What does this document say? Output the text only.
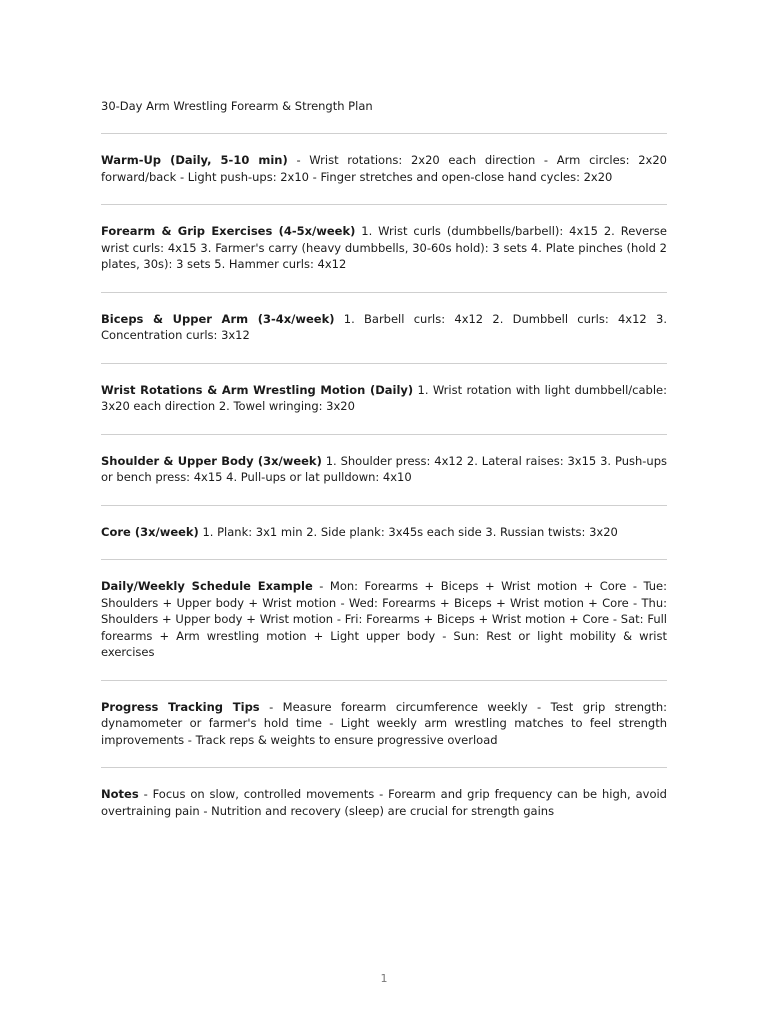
30-Day Arm Wrestling Forearm & Strength Plan

Warm-Up (Daily, 5-10 min) - Wrist rotations: 2x20 each direction - Arm circles: 2x20 forward/back - Light push-ups: 2x10 - Finger stretches and open-close hand cycles: 2x20

Forearm & Grip Exercises (4-5x/week) 1. Wrist curls (dumbbells/barbell): 4x15 2. Reverse wrist curls: 4x15 3. Farmer's carry (heavy dumbbells, 30-60s hold): 3 sets 4. Plate pinches (hold 2 plates, 30s): 3 sets 5. Hammer curls: 4x12

Biceps & Upper Arm (3-4x/week) 1. Barbell curls: 4x12 2. Dumbbell curls: 4x12 3. Concentration curls: 3x12

Wrist Rotations & Arm Wrestling Motion (Daily) 1. Wrist rotation with light dumbbell/cable: 3x20 each direction 2. Towel wringing: 3x20

Shoulder & Upper Body (3x/week) 1. Shoulder press: 4x12 2. Lateral raises: 3x15 3. Push-ups or bench press: 4x15 4. Pull-ups or lat pulldown: 4x10

Core (3x/week) 1. Plank: 3x1 min 2. Side plank: 3x45s each side 3. Russian twists: 3x20

Daily/Weekly Schedule Example - Mon: Forearms + Biceps + Wrist motion + Core - Tue: Shoulders + Upper body + Wrist motion - Wed: Forearms + Biceps + Wrist motion + Core - Thu: Shoulders + Upper body + Wrist motion - Fri: Forearms + Biceps + Wrist motion + Core - Sat: Full forearms + Arm wrestling motion + Light upper body - Sun: Rest or light mobility & wrist exercises

Progress Tracking Tips - Measure forearm circumference weekly - Test grip strength: dynamometer or farmer's hold time - Light weekly arm wrestling matches to feel strength improvements - Track reps & weights to ensure progressive overload

Notes - Focus on slow, controlled movements - Forearm and grip frequency can be high, avoid overtraining pain - Nutrition and recovery (sleep) are crucial for strength gains

1
